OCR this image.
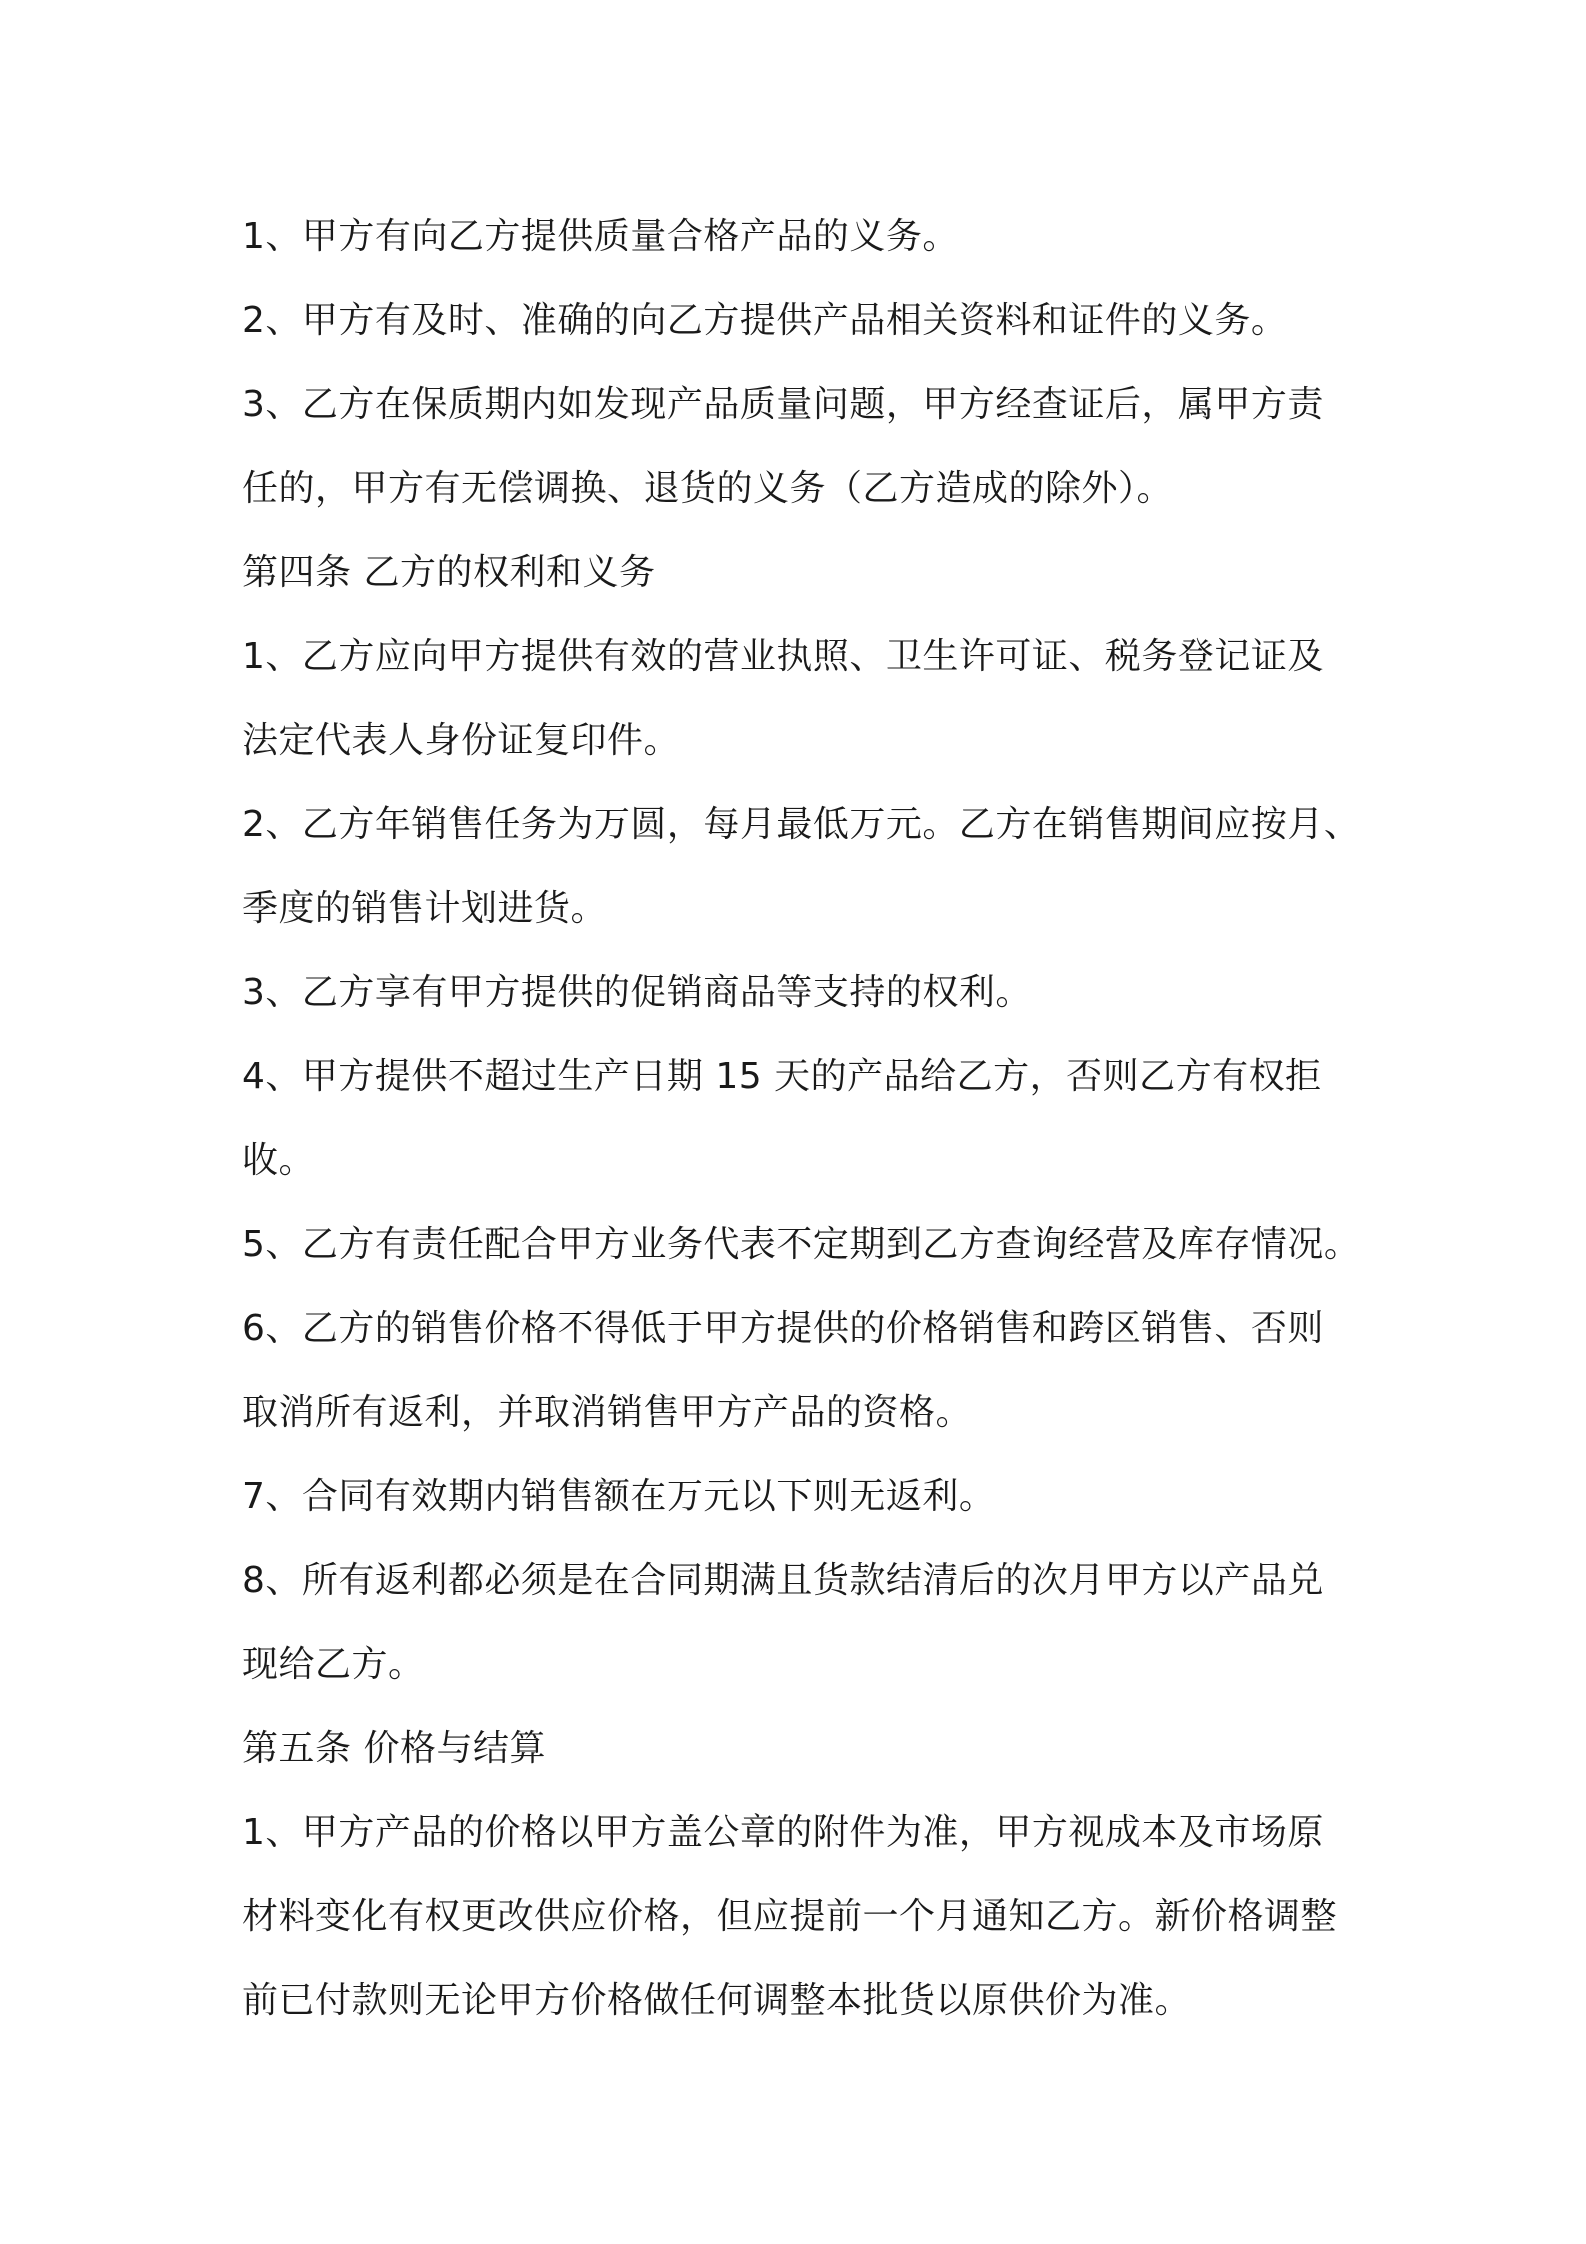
1、甲方有向乙方提供质量合格产品的义务。

2、甲方有及时、准确的向乙方提供产品相关资料和证件的义务。

3、乙方在保质期内如发现产品质量问题，甲方经查证后，属甲方责

任的，甲方有无偿调换、退货的义务（乙方造成的除外）。

第四条 乙方的权利和义务

1、乙方应向甲方提供有效的营业执照、卫生许可证、税务登记证及

法定代表人身份证复印件。

2、乙方年销售任务为万圆，每月最低万元。乙方在销售期间应按月、

季度的销售计划进货。

3、乙方享有甲方提供的促销商品等支持的权利。

4、甲方提供不超过生产日期 15 天的产品给乙方，否则乙方有权拒

收。

5、乙方有责任配合甲方业务代表不定期到乙方查询经营及库存情况。

6、乙方的销售价格不得低于甲方提供的价格销售和跨区销售、否则

取消所有返利，并取消销售甲方产品的资格。

7、合同有效期内销售额在万元以下则无返利。

8、所有返利都必须是在合同期满且货款结清后的次月甲方以产品兑

现给乙方。

第五条 价格与结算

1、甲方产品的价格以甲方盖公章的附件为准，甲方视成本及市场原

材料变化有权更改供应价格，但应提前一个月通知乙方。新价格调整

前已付款则无论甲方价格做任何调整本批货以原供价为准。
